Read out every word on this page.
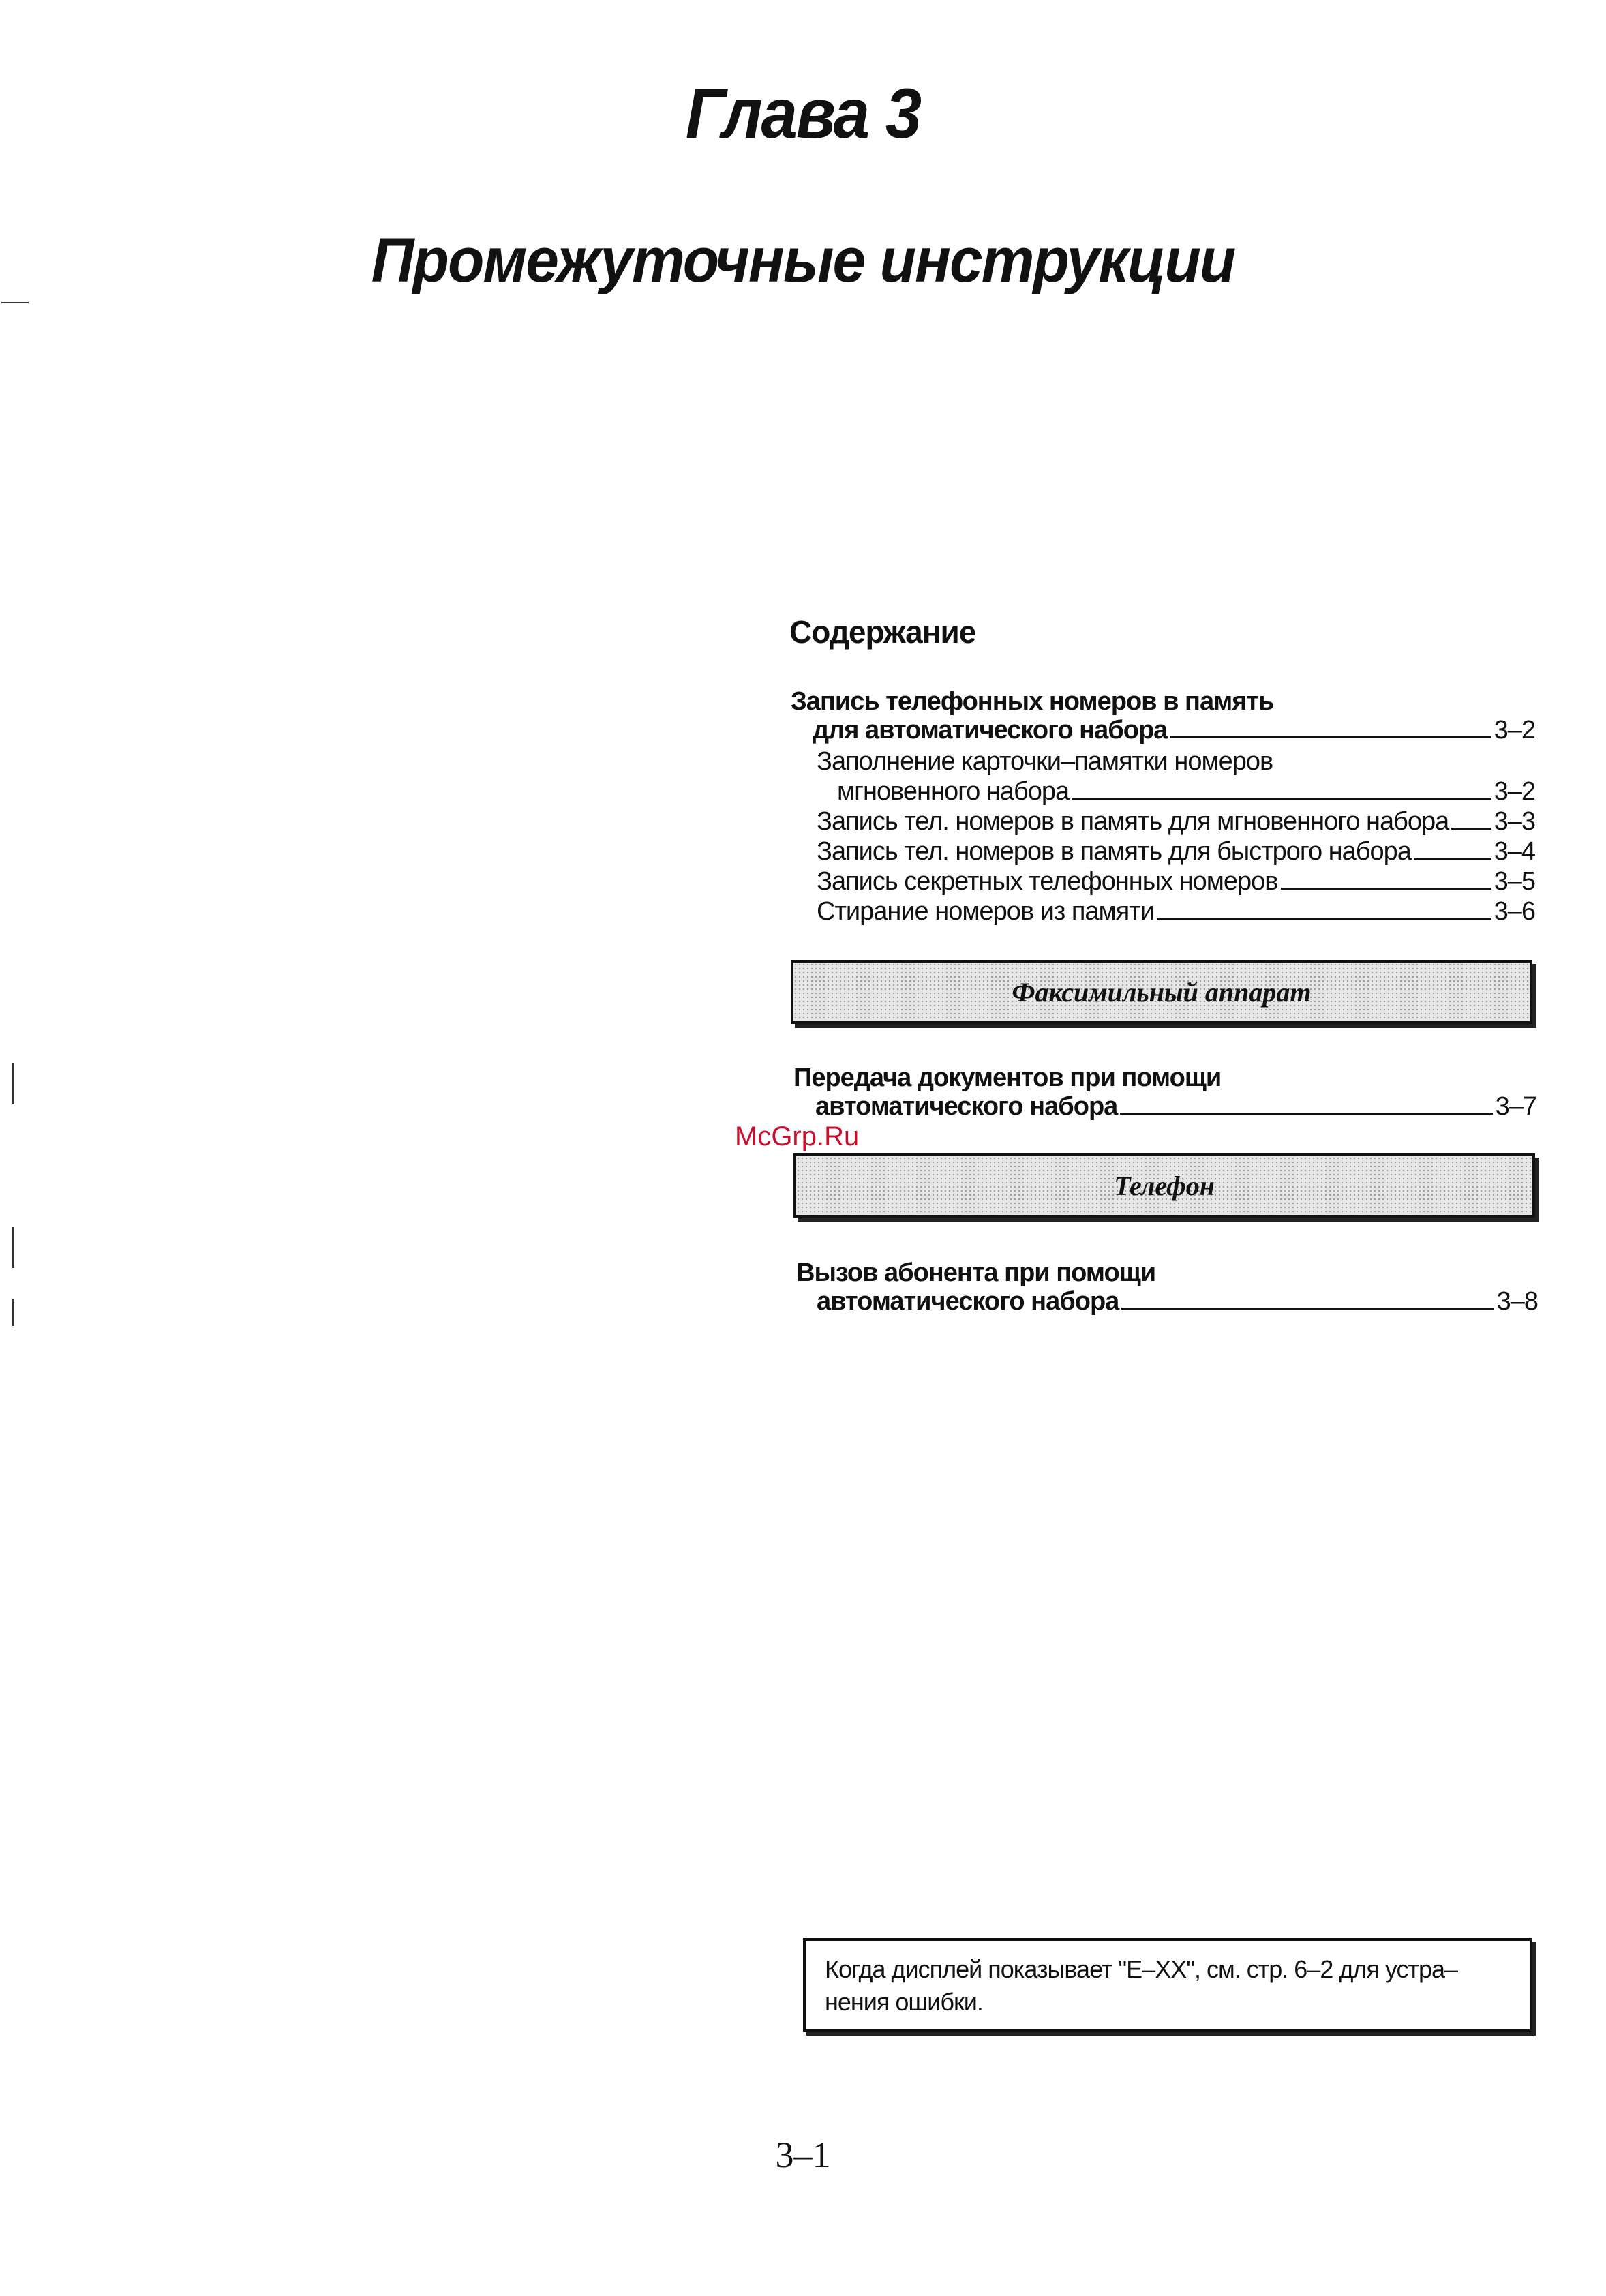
Глава 3
Промежуточные инструкции
Содержание
Запись телефонных номеров в память
для автоматического набора	3–2
Заполнение карточки–памятки номеров
мгновенного набора	3–2
Запись тел. номеров в память для мгновенного набора 3–3
Запись тел. номеров в память для быстрого набора	3–4
Запись секретных телефонных номеров	3–5
Стирание номеров из памяти	3–6
Факсимильный аппарат
Передача документов при помощи
автоматического набора	3–7
McGrp.Ru
Телефон
Вызов абонента при помощи
автоматического набора	3–8
Когда дисплей показывает "E–XX", см. стр. 6–2 для устра–
нения ошибки.
3–1
